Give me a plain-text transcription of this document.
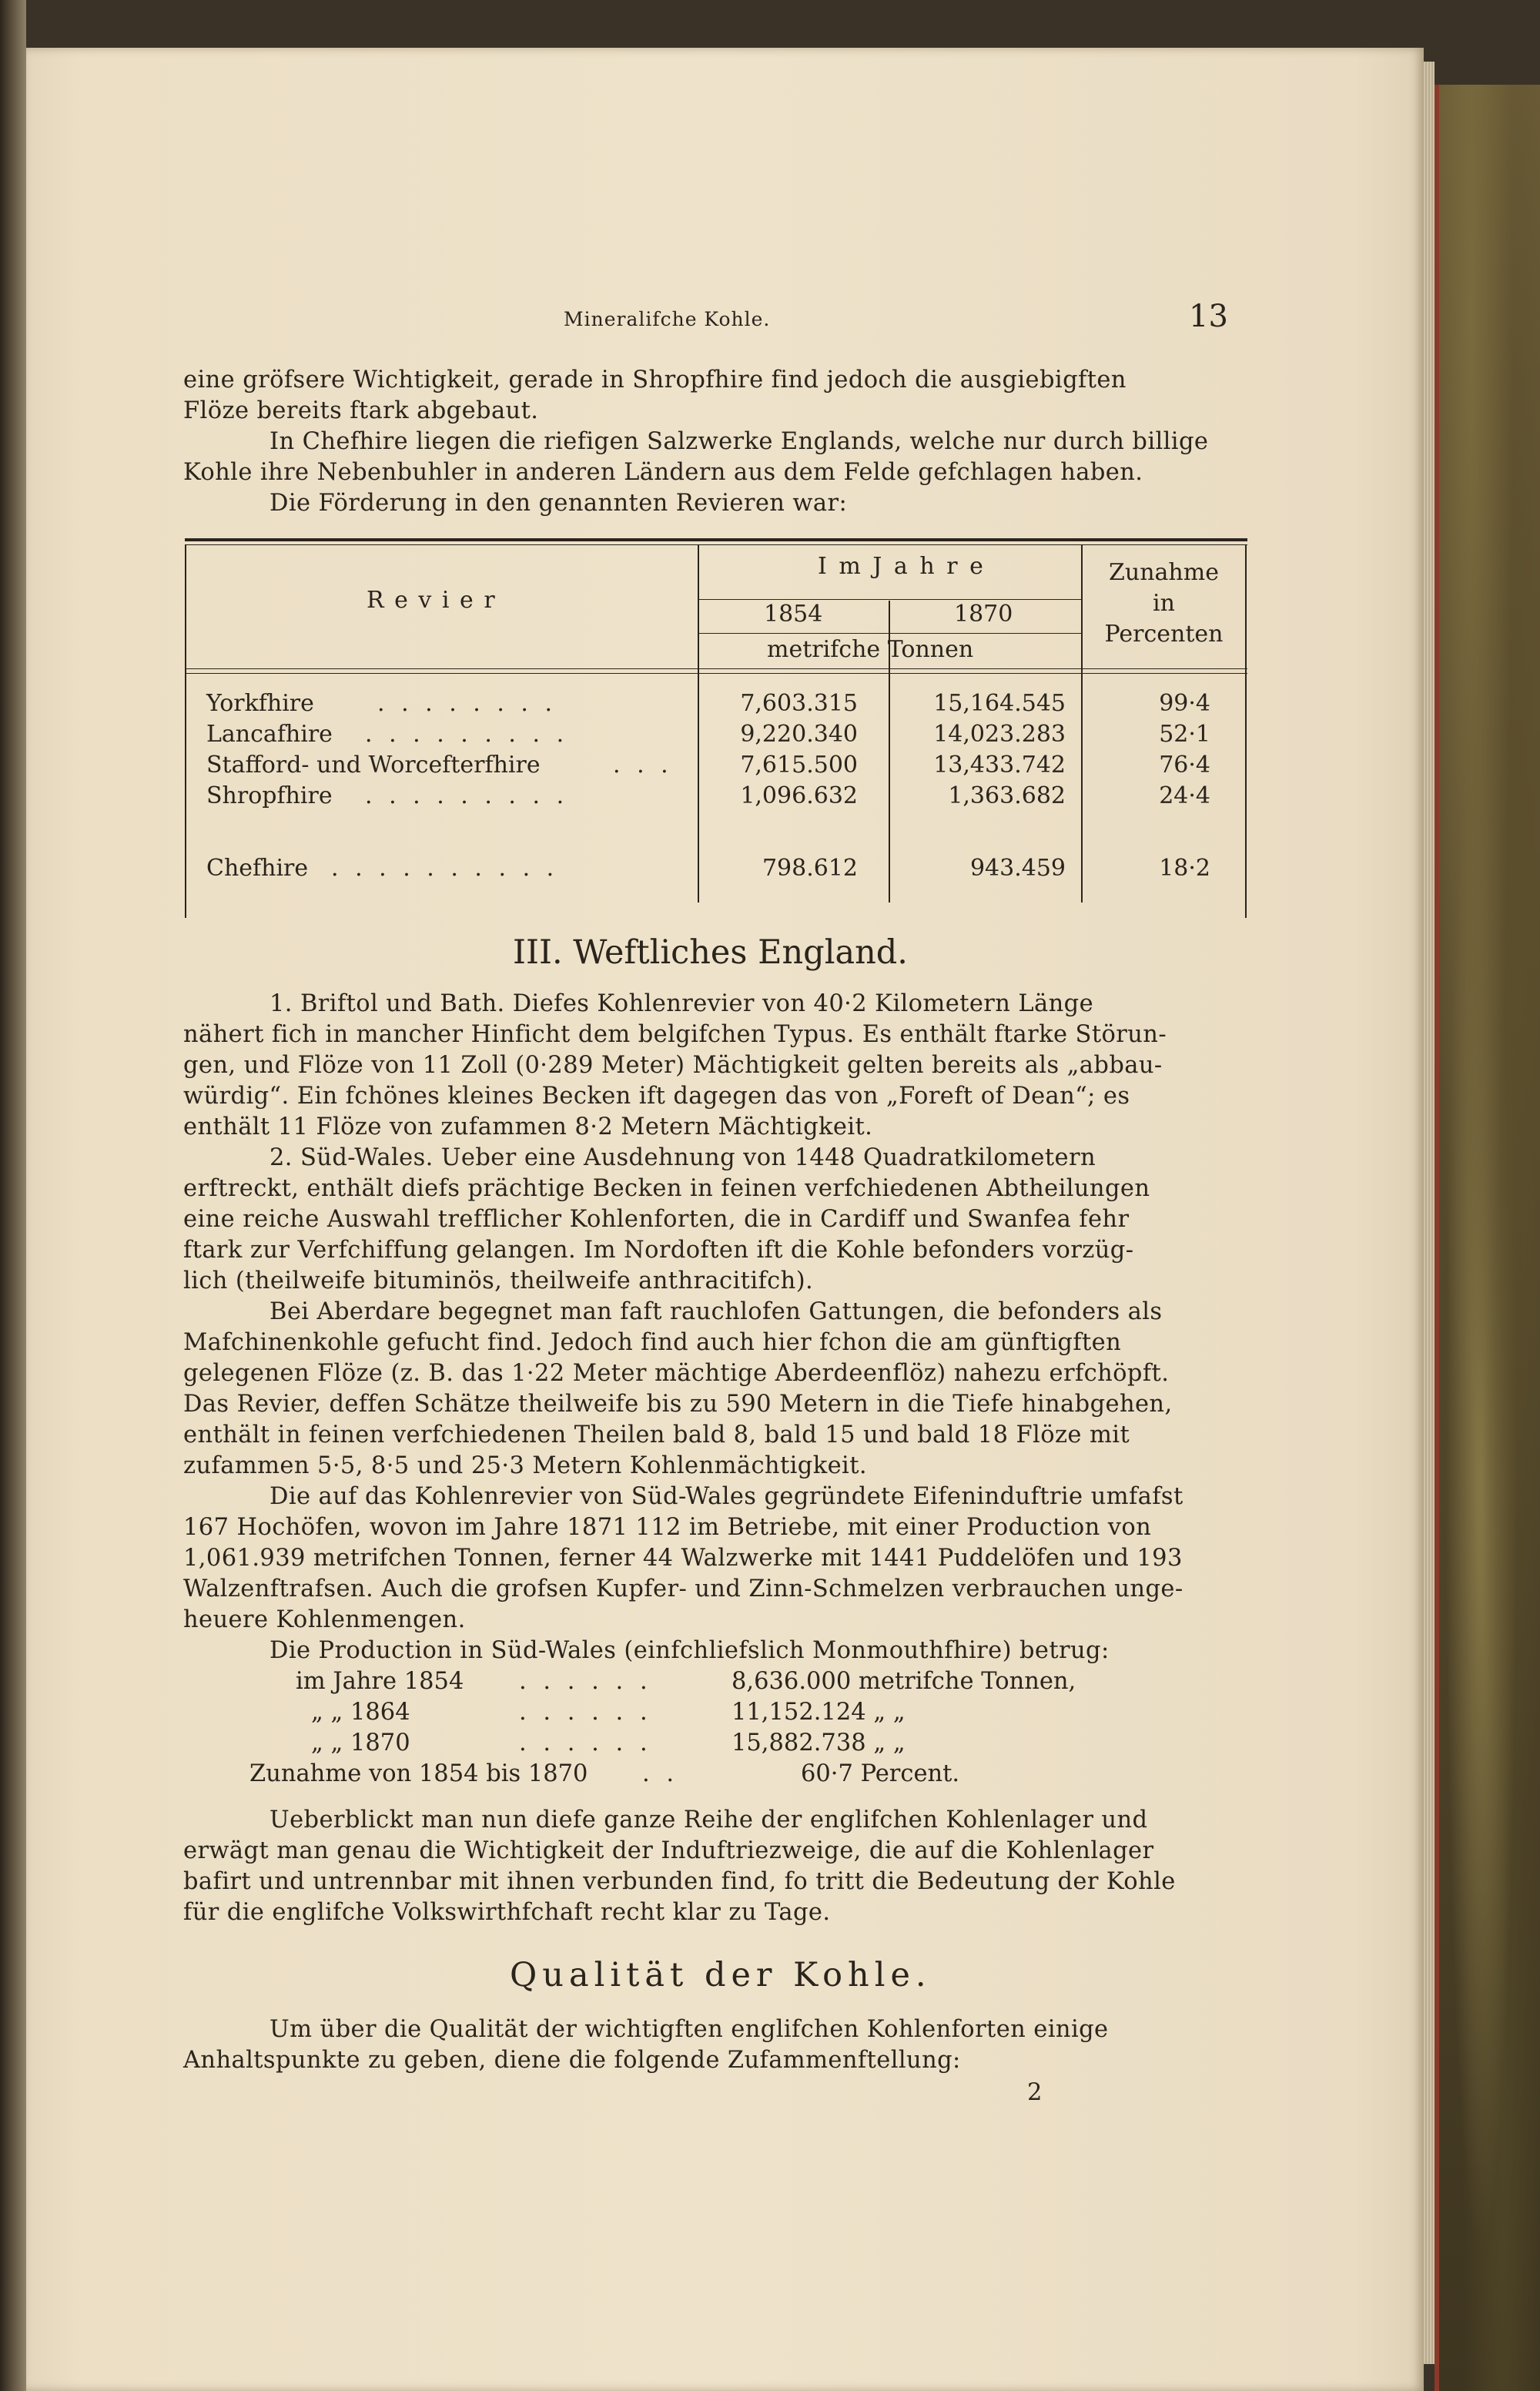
Mineralifche Kohle.	13
eine gröfsere Wichtigkeit, gerade in Shropfhire find jedoch die ausgiebigften
Flöze bereits ftark abgebaut.
In Chefhire liegen die riefigen Salzwerke Englands, welche nur durch billige
Kohle ihre Nebenbuhler in anderen Ländern aus dem Felde gefchlagen haben.
Die Förderung in den genannten Revieren war:
R e v i e r
I m J a h r e
1854	1870
metrifche Tonnen
Zunahme
in
Percenten
Yorkfhire	. . . . . . . .	7,603.315	15,164.545	99·4
Lancafhire . . . . . . . . .	9,220.340	14,023.283	52·1
Stafford- und Worcefterfhire	. . .	7,615.500	13,433.742	76·4
Shropfhire . . . . . . . . .	1,096.632	1,363.682	24·4
Chefhire . . . . . . . . . .	798.612	943.459	18·2
III. Weftliches England.
1. Briftol und Bath. Diefes Kohlenrevier von 40·2 Kilometern Länge
nähert fich in mancher Hinficht dem belgifchen Typus. Es enthält ftarke Störun-
gen, und Flöze von 11 Zoll (0·289 Meter) Mächtigkeit gelten bereits als „abbau-
würdig“. Ein fchönes kleines Becken ift dagegen das von „Foreft of Dean“; es
enthält 11 Flöze von zufammen 8·2 Metern Mächtigkeit.
2. Süd-Wales. Ueber eine Ausdehnung von 1448 Quadratkilometern
erftreckt, enthält diefs prächtige Becken in feinen verfchiedenen Abtheilungen
eine reiche Auswahl trefflicher Kohlenforten, die in Cardiff und Swanfea fehr
ftark zur Verfchiffung gelangen. Im Nordoften ift die Kohle befonders vorzüg-
lich (theilweife bituminös, theilweife anthracitifch).
Bei Aberdare begegnet man faft rauchlofen Gattungen, die befonders als
Mafchinenkohle gefucht find. Jedoch find auch hier fchon die am günftigften
gelegenen Flöze (z. B. das 1·22 Meter mächtige Aberdeenflöz) nahezu erfchöpft.
Das Revier, deffen Schätze theilweife bis zu 590 Metern in die Tiefe hinabgehen,
enthält in feinen verfchiedenen Theilen bald 8, bald 15 und bald 18 Flöze mit
zufammen 5·5, 8·5 und 25·3 Metern Kohlenmächtigkeit.
Die auf das Kohlenrevier von Süd-Wales gegründete Eifeninduftrie umfafst
167 Hochöfen, wovon im Jahre 1871 112 im Betriebe, mit einer Production von
1,061.939 metrifchen Tonnen, ferner 44 Walzwerke mit 1441 Puddelöfen und 193
Walzenftrafsen. Auch die grofsen Kupfer- und Zinn-Schmelzen verbrauchen unge-
heuere Kohlenmengen.
Die Production in Süd-Wales (einfchliefslich Monmouthfhire) betrug:
im Jahre 1854 . . . . . .	8,636.000 metrifche Tonnen,
„ „ 1864	. . . . . .	11,152.124 „ „
„ „ 1870	. . . . . .	15,882.738 „ „
Zunahme von 1854 bis 1870 . .	60·7 Percent.
Ueberblickt man nun diefe ganze Reihe der englifchen Kohlenlager und
erwägt man genau die Wichtigkeit der Induftriezweige, die auf die Kohlenlager
bafirt und untrennbar mit ihnen verbunden find, fo tritt die Bedeutung der Kohle
für die englifche Volkswirthfchaft recht klar zu Tage.
Qualität der Kohle.
Um über die Qualität der wichtigften englifchen Kohlenforten einige
Anhaltspunkte zu geben, diene die folgende Zufammenftellung:
2
